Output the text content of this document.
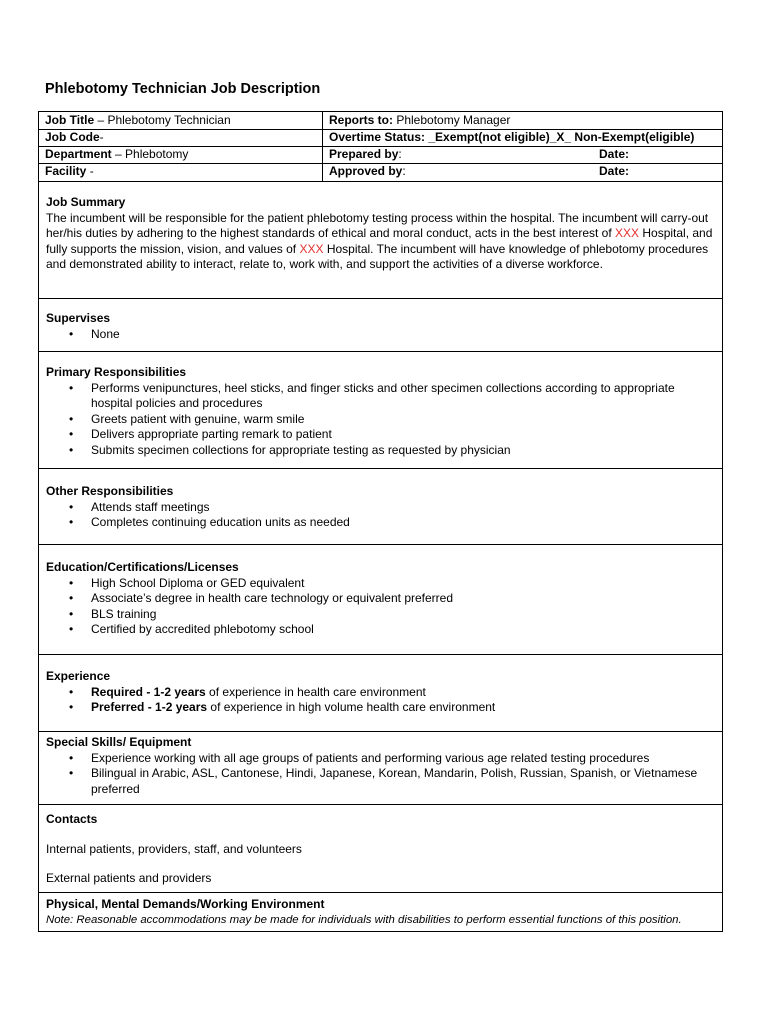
Phlebotomy Technician Job Description
Job Title – Phlebotomy Technician
Job Code-
Department – Phlebotomy
Facility -
Reports to: Phlebotomy Manager
Overtime Status: _Exempt(not eligible)_X_ Non-Exempt(eligible)
Prepared by:	Date:
Approved by:	Date:
Job Summary

The incumbent will be responsible for the patient phlebotomy testing process within the hospital. The incumbent will carry-out her/his duties by adhering to the highest standards of ethical and moral conduct, acts in the best interest of XXX Hospital, and fully supports the mission, vision, and values of XXX Hospital. The incumbent will have knowledge of phlebotomy procedures and demonstrated ability to interact, relate to, work with, and support the activities of a diverse workforce.

Supervises
• None
Primary Responsibilities
• Performs venipunctures, heel sticks, and finger sticks and other specimen collections according to appropriate hospital policies and procedures
• Greets patient with genuine, warm smile
• Delivers appropriate parting remark to patient
• Submits specimen collections for appropriate testing as requested by physician
Other Responsibilities
• Attends staff meetings
• Completes continuing education units as needed
Education/Certifications/Licenses
• High School Diploma or GED equivalent
• Associate’s degree in health care technology or equivalent preferred
• BLS training
• Certified by accredited phlebotomy school
Experience
• Required - 1-2 years of experience in health care environment
• Preferred - 1-2 years of experience in high volume health care environment
Special Skills/ Equipment
• Experience working with all age groups of patients and performing various age related testing procedures
• Bilingual in Arabic, ASL, Cantonese, Hindi, Japanese, Korean, Mandarin, Polish, Russian, Spanish, or Vietnamese preferred
Contacts
Internal patients, providers, staff, and volunteers
External patients and providers
Physical, Mental Demands/Working Environment
Note: Reasonable accommodations may be made for individuals with disabilities to perform essential functions of this position.
